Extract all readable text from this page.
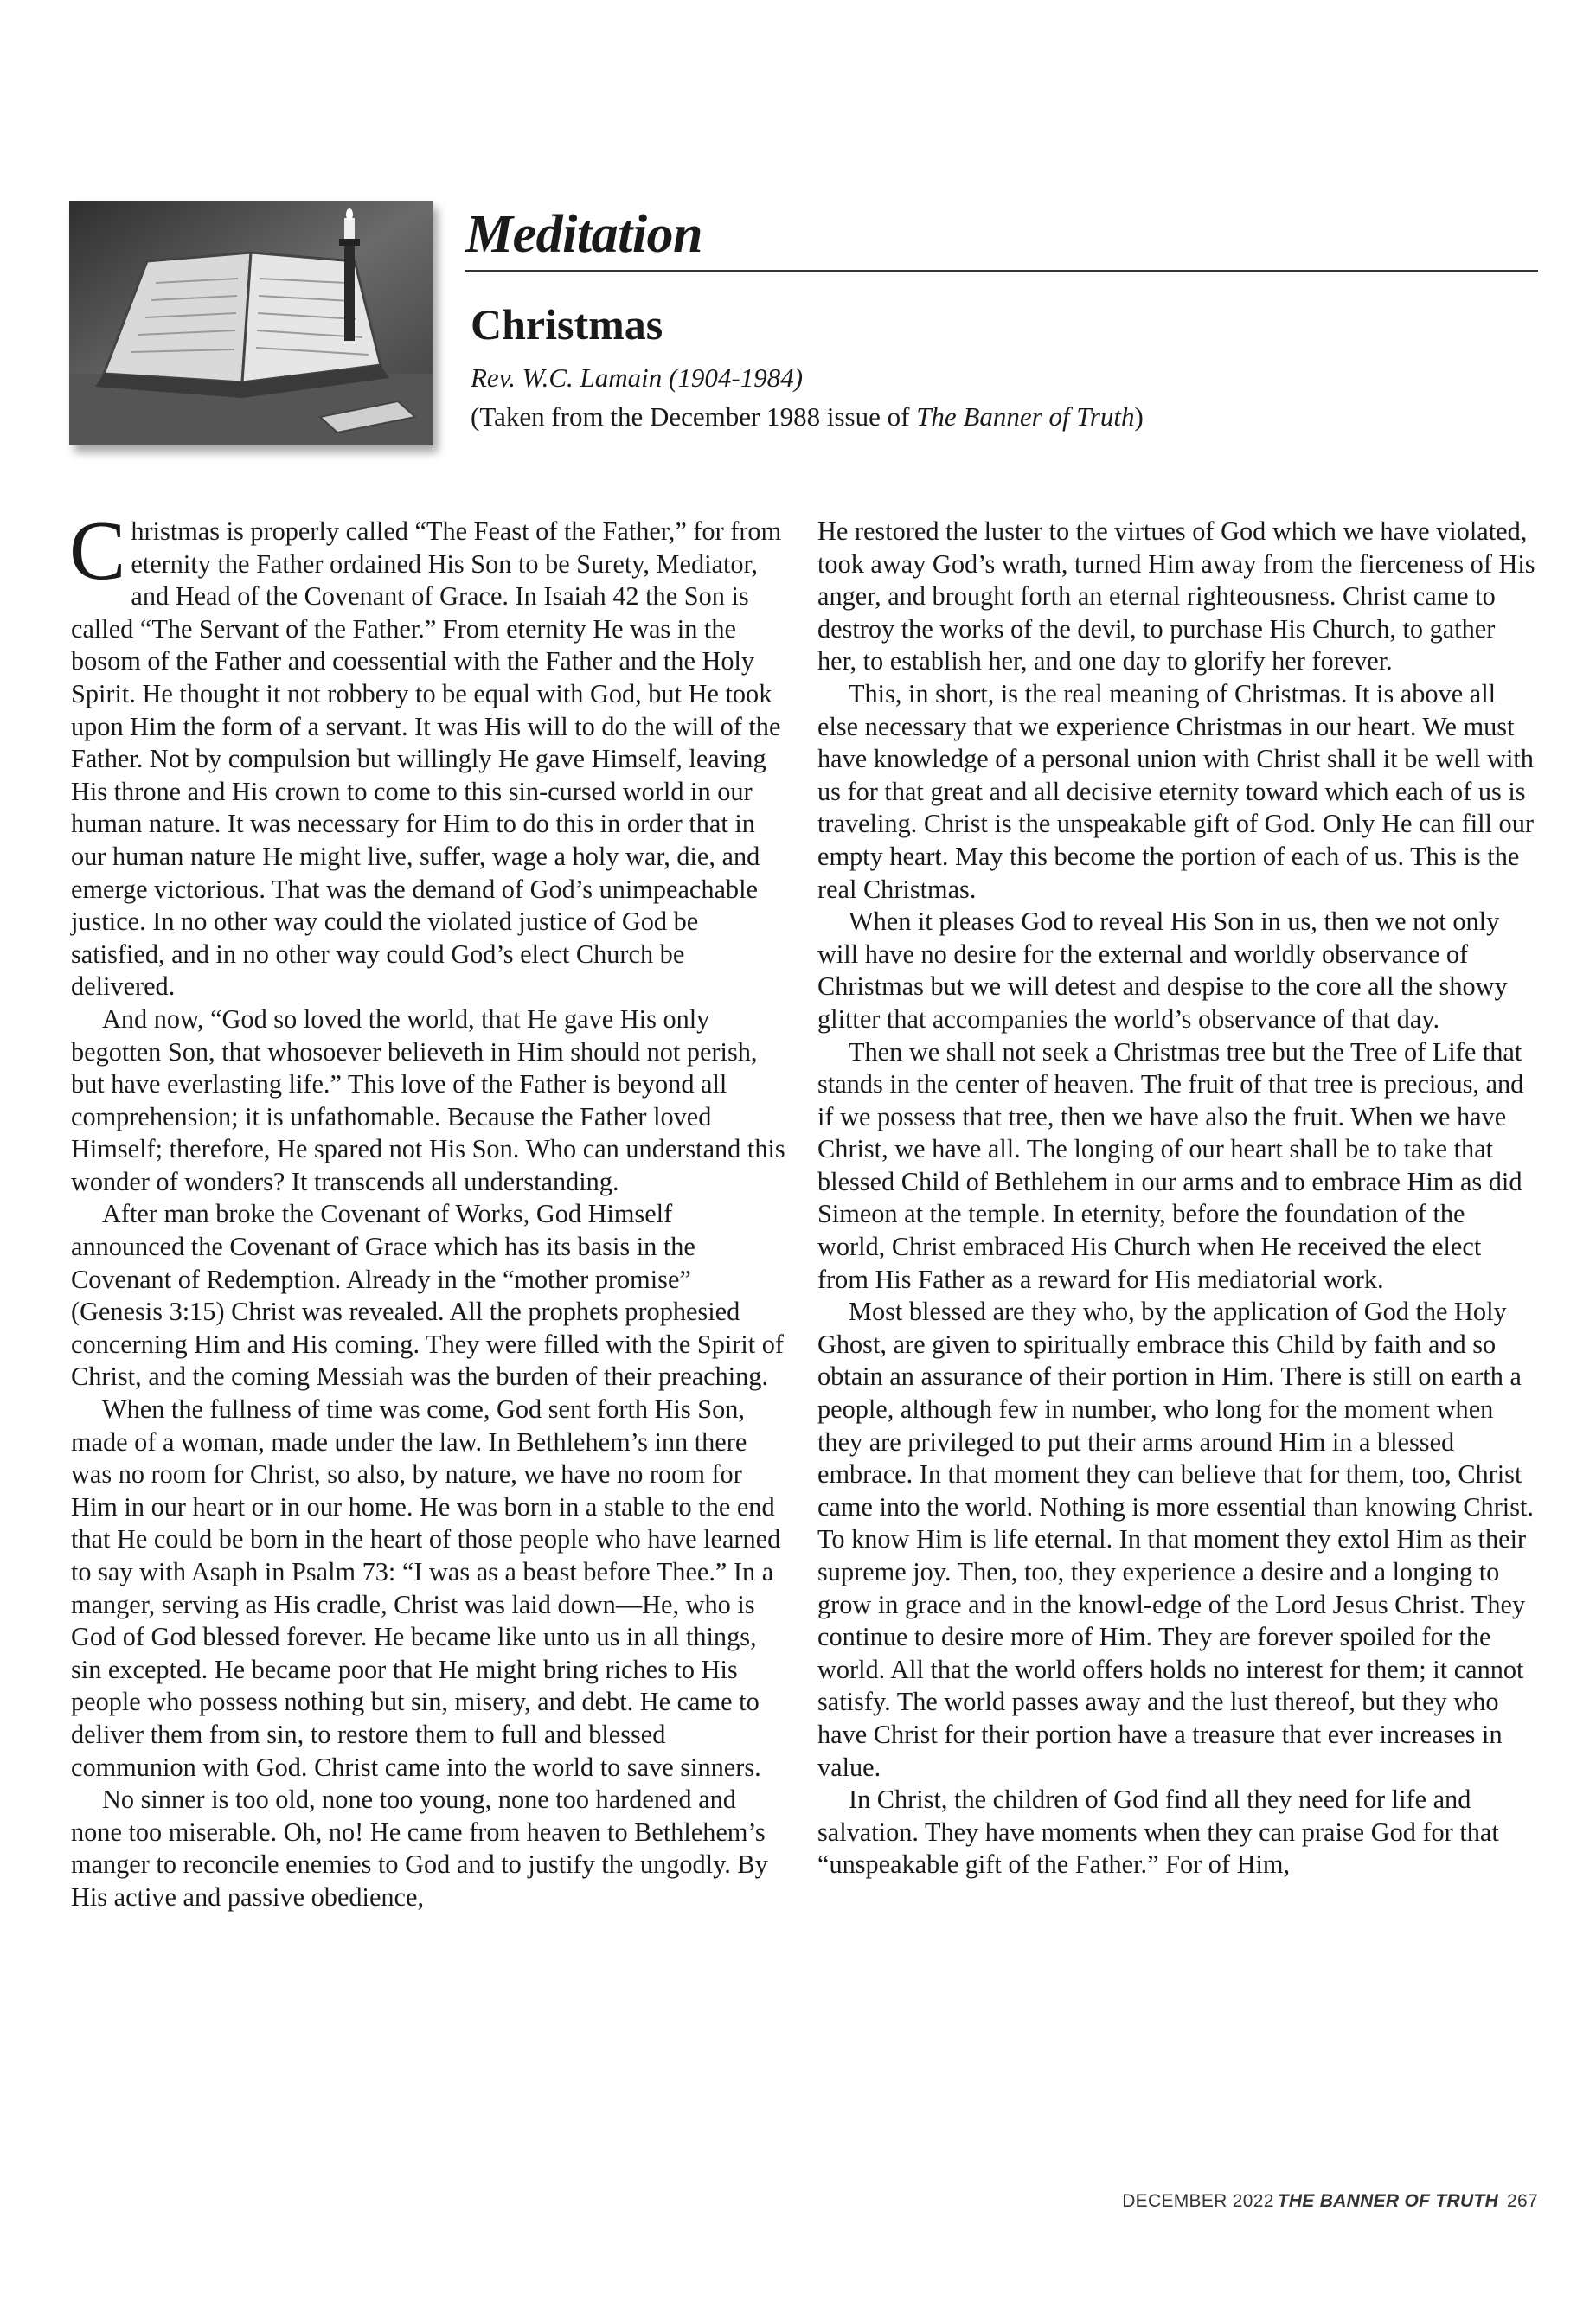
Meditation
Christmas
Rev. W.C. Lamain (1904-1984)
(Taken from the December 1988 issue of The Banner of Truth)

Christmas is properly called “The Feast of the Father,” for from eternity the Father ordained His Son to be Surety, Mediator, and Head of the Covenant of Grace. In Isaiah 42 the Son is called “The Servant of the Father.” From eternity He was in the bosom of the Father and coessential with the Father and the Holy Spirit. He thought it not robbery to be equal with God, but He took upon Him the form of a servant. It was His will to do the will of the Father. Not by compulsion but willingly He gave Himself, leaving His throne and His crown to come to this sin-cursed world in our human nature. It was necessary for Him to do this in order that in our human nature He might live, suffer, wage a holy war, die, and emerge victorious. That was the demand of God’s unimpeachable justice. In no other way could the violated justice of God be satisfied, and in no other way could God’s elect Church be delivered.

And now, “God so loved the world, that He gave His only begotten Son, that whosoever believeth in Him should not perish, but have everlasting life.” This love of the Father is beyond all comprehension; it is unfathomable. Because the Father loved Himself; therefore, He spared not His Son. Who can understand this wonder of wonders? It transcends all understanding.

After man broke the Covenant of Works, God Himself announced the Covenant of Grace which has its basis in the Covenant of Redemption. Already in the “mother promise” (Genesis 3:15) Christ was revealed. All the prophets prophesied concerning Him and His coming. They were filled with the Spirit of Christ, and the coming Messiah was the burden of their preaching.

When the fullness of time was come, God sent forth His Son, made of a woman, made under the law. In Bethlehem’s inn there was no room for Christ, so also, by nature, we have no room for Him in our heart or in our home. He was born in a stable to the end that He could be born in the heart of those people who have learned to say with Asaph in Psalm 73: “I was as a beast before Thee.” In a manger, serving as His cradle, Christ was laid down—He, who is God of God blessed forever. He became like unto us in all things, sin excepted. He became poor that He might bring riches to His people who possess nothing but sin, misery, and debt. He came to deliver them from sin, to restore them to full and blessed communion with God. Christ came into the world to save sinners.

No sinner is too old, none too young, none too hardened and none too miserable. Oh, no! He came from heaven to Bethlehem’s manger to reconcile enemies to God and to justify the ungodly. By His active and passive obedience,

He restored the luster to the virtues of God which we have violated, took away God’s wrath, turned Him away from the fierceness of His anger, and brought forth an eternal righteousness. Christ came to destroy the works of the devil, to purchase His Church, to gather her, to establish her, and one day to glorify her forever.

This, in short, is the real meaning of Christmas. It is above all else necessary that we experience Christmas in our heart. We must have knowledge of a personal union with Christ shall it be well with us for that great and all decisive eternity toward which each of us is traveling. Christ is the unspeakable gift of God. Only He can fill our empty heart. May this become the portion of each of us. This is the real Christmas.

When it pleases God to reveal His Son in us, then we not only will have no desire for the external and worldly observance of Christmas but we will detest and despise to the core all the showy glitter that accompanies the world’s observance of that day.

Then we shall not seek a Christmas tree but the Tree of Life that stands in the center of heaven. The fruit of that tree is precious, and if we possess that tree, then we have also the fruit. When we have Christ, we have all. The longing of our heart shall be to take that blessed Child of Bethlehem in our arms and to embrace Him as did Simeon at the temple. In eternity, before the foundation of the world, Christ embraced His Church when He received the elect from His Father as a reward for His mediatorial work.

Most blessed are they who, by the application of God the Holy Ghost, are given to spiritually embrace this Child by faith and so obtain an assurance of their portion in Him. There is still on earth a people, although few in number, who long for the moment when they are privileged to put their arms around Him in a blessed embrace. In that moment they can believe that for them, too, Christ came into the world. Nothing is more essential than knowing Christ. To know Him is life eternal. In that moment they extol Him as their supreme joy. Then, too, they experience a desire and a longing to grow in grace and in the knowl-edge of the Lord Jesus Christ. They continue to desire more of Him. They are forever spoiled for the world. All that the world offers holds no interest for them; it cannot satisfy. The world passes away and the lust thereof, but they who have Christ for their portion have a treasure that ever increases in value.

In Christ, the children of God find all they need for life and salvation. They have moments when they can praise God for that “unspeakable gift of the Father.” For of Him,

DECEMBER 2022 THE BANNER OF TRUTH 267
